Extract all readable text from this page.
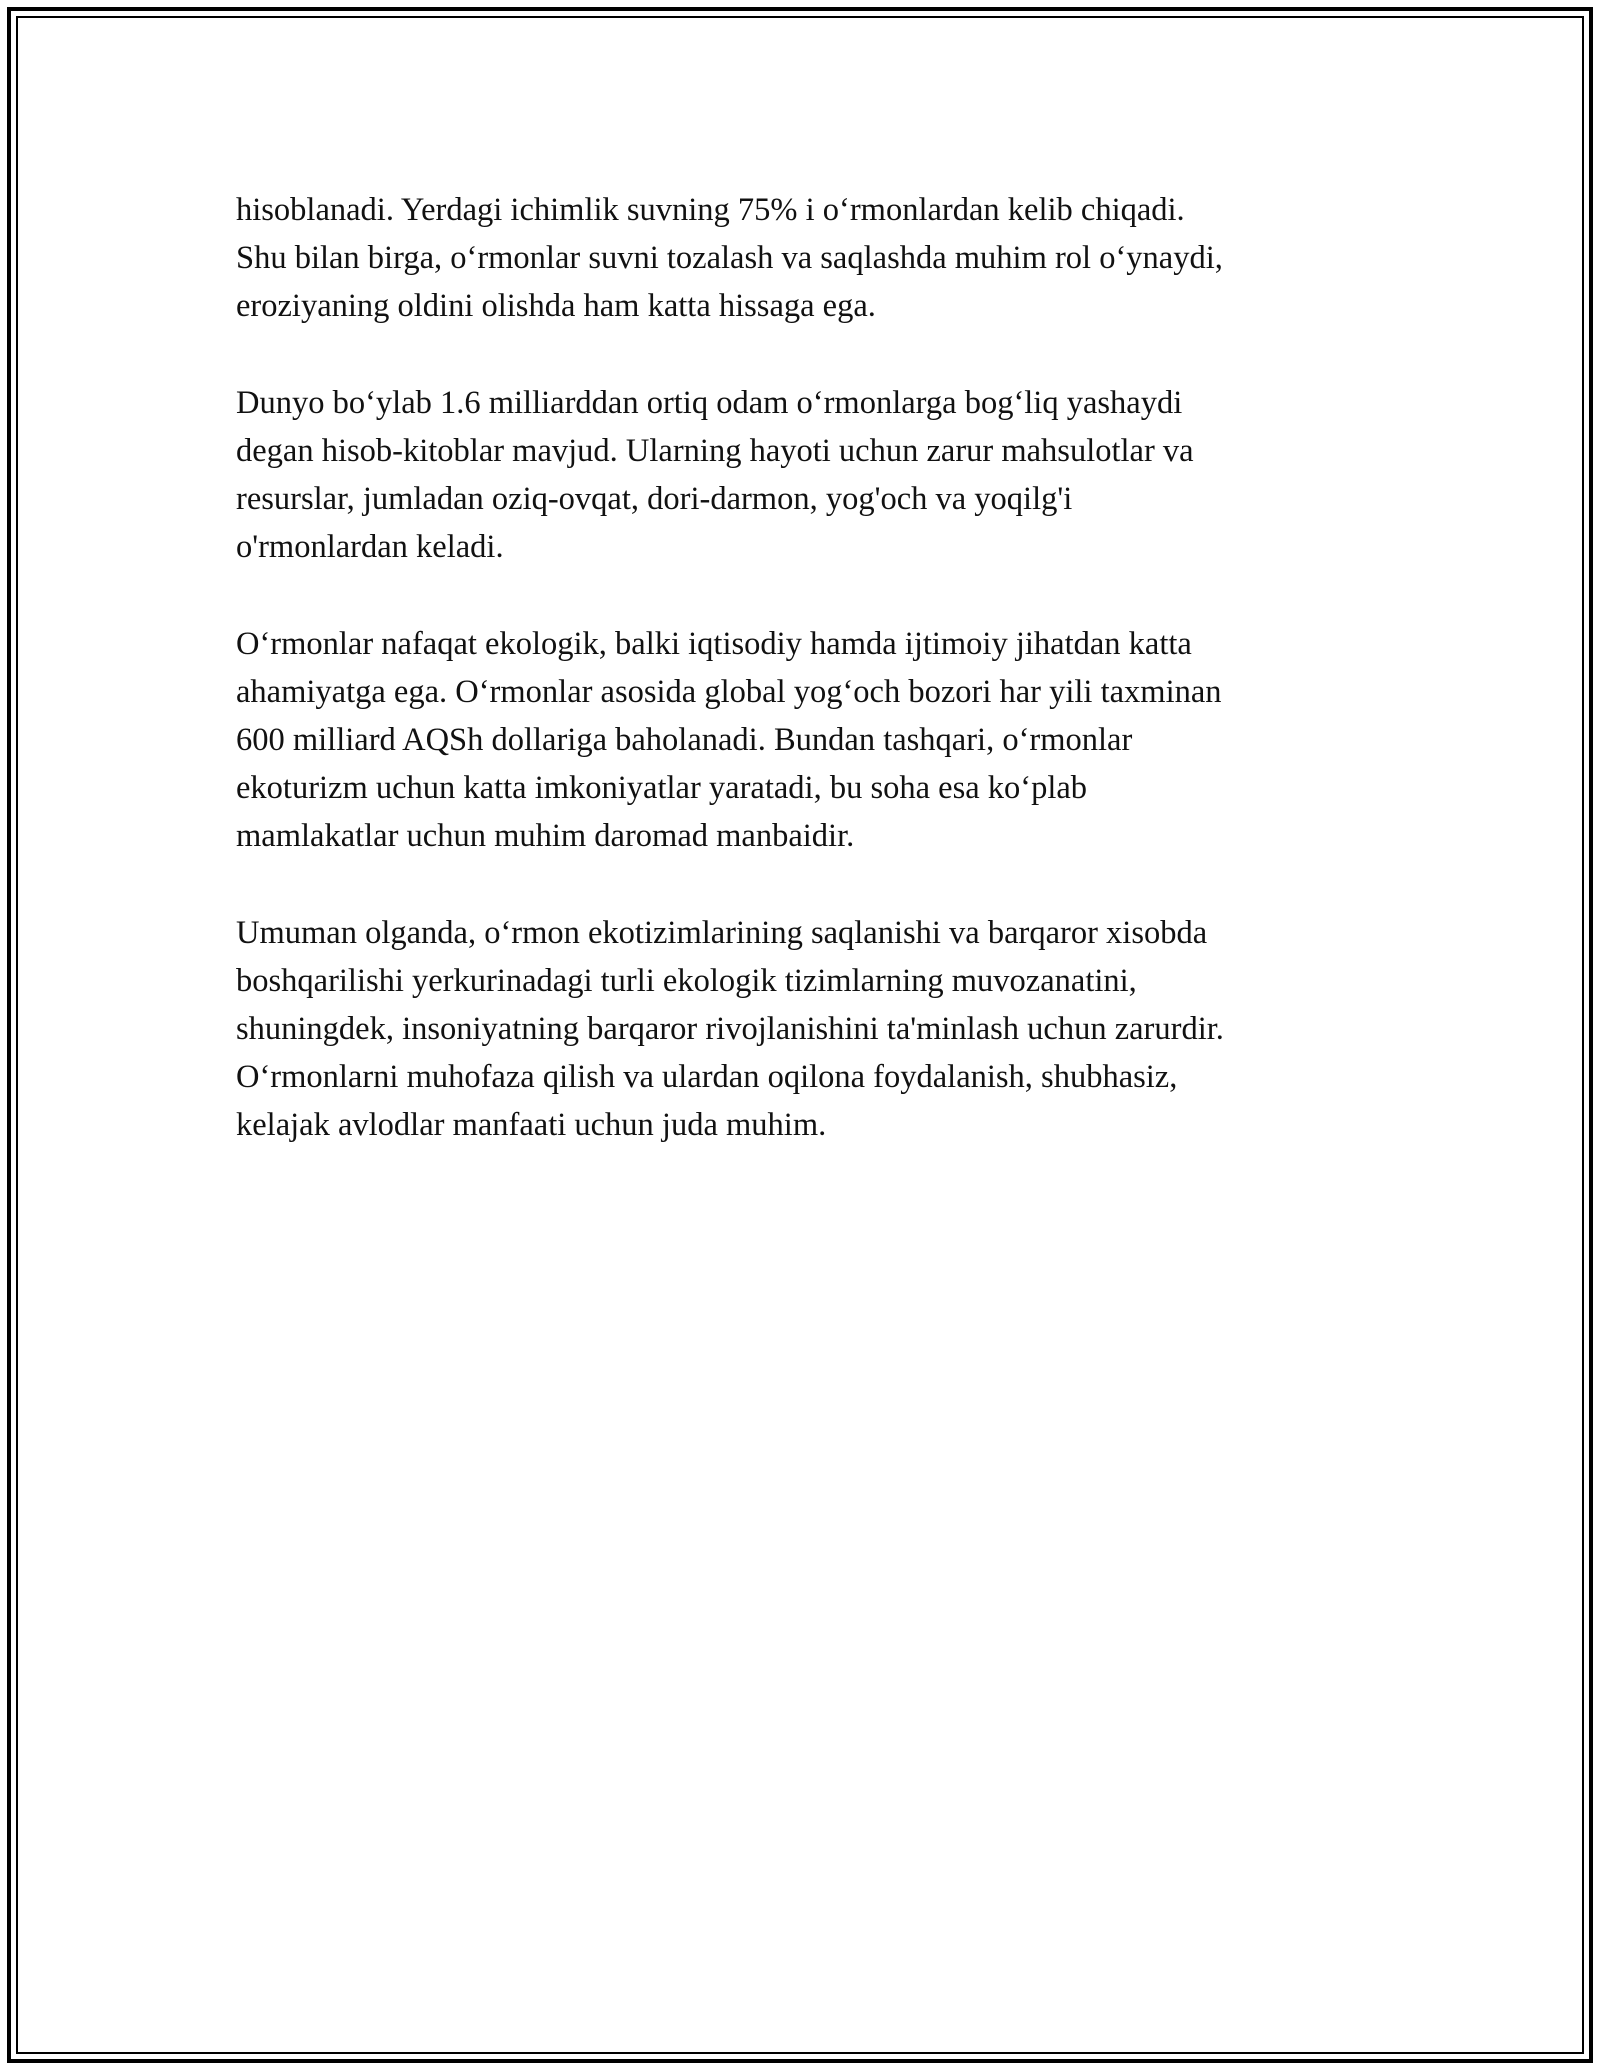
hisoblanadi. Yerdagi ichimlik suvning 75% i o‘rmonlardan kelib chiqadi.
Shu bilan birga, o‘rmonlar suvni tozalash va saqlashda muhim rol o‘ynaydi,
eroziyaning oldini olishda ham katta hissaga ega.

Dunyo bo‘ylab 1.6 milliarddan ortiq odam o‘rmonlarga bog‘liq yashaydi
degan hisob-kitoblar mavjud. Ularning hayoti uchun zarur mahsulotlar va
resurslar, jumladan oziq-ovqat, dori-darmon, yog'och va yoqilg'i
o'rmonlardan keladi.

O‘rmonlar nafaqat ekologik, balki iqtisodiy hamda ijtimoiy jihatdan katta
ahamiyatga ega. O‘rmonlar asosida global yog‘och bozori har yili taxminan
600 milliard AQSh dollariga baholanadi. Bundan tashqari, o‘rmonlar
ekoturizm uchun katta imkoniyatlar yaratadi, bu soha esa ko‘plab
mamlakatlar uchun muhim daromad manbaidir.

Umuman olganda, o‘rmon ekotizimlarining saqlanishi va barqaror xisobda
boshqarilishi yerkurinadagi turli ekologik tizimlarning muvozanatini,
shuningdek, insoniyatning barqaror rivojlanishini ta'minlash uchun zarurdir.
O‘rmonlarni muhofaza qilish va ulardan oqilona foydalanish, shubhasiz,
kelajak avlodlar manfaati uchun juda muhim.
